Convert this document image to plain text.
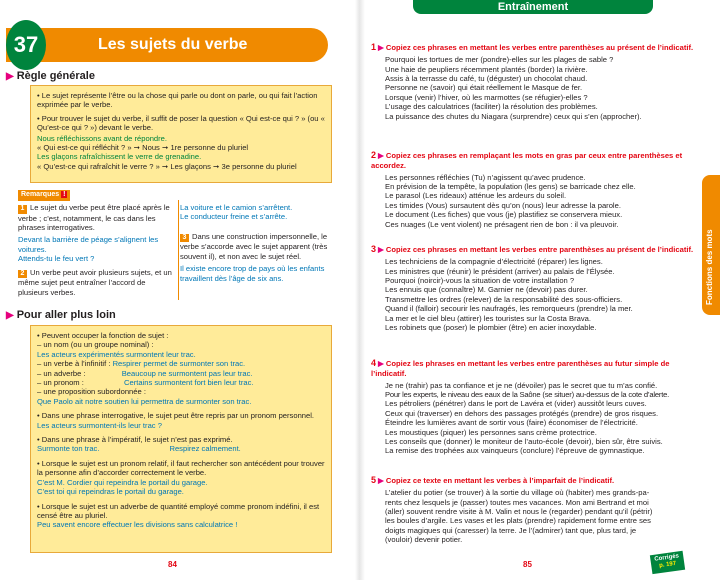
37	Les sujets du verbe
▶ Règle générale

• Le sujet représente l’être ou la chose qui parle ou dont on parle, ou qui fait l’action exprimée par le verbe.

• Pour trouver le sujet du verbe, il suffit de poser la question « Qui est-ce qui ? » (ou « Qu’est-ce qui ? ») devant le verbe.

Nous réfléchissons avant de répondre.
« Qui est-ce qui réfléchit ? » ➞ Nous ➞ 1re personne du pluriel
Les glaçons rafraîchissent le verre de grenadine.
« Qu’est-ce qui rafraîchit le verre ? » ➞ Les glaçons ➞ 3e personne du pluriel
Remarques !

1 Le sujet du verbe peut être placé après le verbe ; c’est, notamment, le cas dans les phrases interrogatives.

Devant la barrière de péage s’alignent les voitures.
Attends-tu le feu vert ?

2 Un verbe peut avoir plusieurs sujets, et un même sujet peut entraîner l’accord de plusieurs verbes.

La voiture et le camion s’arrêtent.
Le conducteur freine et s’arrête.

3 Dans une construction impersonnelle, le verbe s’accorde avec le sujet apparent (très souvent il), et non avec le sujet réel.

Il existe encore trop de pays où les enfants travaillent dès l’âge de six ans.
▶ Pour aller plus loin
• Peuvent occuper la fonction de sujet :
– un nom (ou un groupe nominal) :
Les acteurs expérimentés surmontent leur trac.
– un verbe à l’infinitif : Respirer permet de surmonter son trac.
– un adverbe :	Beaucoup ne surmontent pas leur trac.
– un pronom :	Certains surmontent fort bien leur trac.
– une proposition subordonnée :
Que Paolo ait notre soutien lui permettra de surmonter son trac.
• Dans une phrase interrogative, le sujet peut être repris par un pronom personnel.
Les acteurs surmontent-ils leur trac ?
• Dans une phrase à l’impératif, le sujet n’est pas exprimé.
Surmonte ton trac.	Respirez calmement.
• Lorsque le sujet est un pronom relatif, il faut rechercher son antécédent pour trouver la personne afin d’accorder correctement le verbe.
C’est M. Cordier qui repeindra le portail du garage.
C’est toi qui repeindras le portail du garage.
• Lorsque le sujet est un adverbe de quantité employé comme pronom indéfini, il est censé être au pluriel.
Peu savent encore effectuer les divisions sans calculatrice !
84
Entraînement
1 ▶ Copiez ces phrases en mettant les verbes entre parenthèses au présent de l’indicatif.

Pourquoi les tortues de mer (pondre)-elles sur les plages de sable ?

Une haie de peupliers récemment plantés (border) la rivière.

Assis à la terrasse du café, tu (déguster) un chocolat chaud.

Personne ne (savoir) qui était réellement le Masque de fer.

Lorsque (venir) l’hiver, où les marmottes (se réfugier)-elles ?

L’usage des calculatrices (faciliter) la résolution des problèmes.

La puissance des chutes du Niagara (surprendre) ceux qui s’en (approcher).

2 ▶ Copiez ces phrases en remplaçant les mots en gras par ceux entre parenthèses et accordez.

Les personnes réfléchies (Tu) n’agissent qu’avec prudence.

En prévision de la tempête, la population (les gens) se barricade chez elle.

Le parasol (Les rideaux) atténue les ardeurs du soleil.

Les timides (Vous) sursautent dès qu’on (nous) leur adresse la parole.

Le document (Les fiches) que vous (je) plastifiez se conservera mieux.

Ces nuages (Le vent violent) ne présagent rien de bon : il va pleuvoir.

3 ▶ Copiez ces phrases en mettant les verbes entre parenthèses au présent de l’indicatif.

Les techniciens de la compagnie d’électricité (réparer) les lignes.

Les ministres que (réunir) le président (arriver) au palais de l’Élysée.

Pourquoi (noircir)-vous la situation de votre installation ?

Les ennuis que (connaître) M. Garnier ne (devoir) pas durer.

Transmettre les ordres (relever) de la responsabilité des sous-officiers.

Quand il (falloir) secourir les naufragés, les remorqueurs (prendre) la mer.

La mer et le ciel bleu (attirer) les touristes sur la Costa Brava.

Les robinets que (poser) le plombier (être) en acier inoxydable.

4 ▶ Copiez les phrases en mettant les verbes entre parenthèses au futur simple de l’indicatif.

Je ne (trahir) pas ta confiance et je ne (dévoiler) pas le secret que tu m’as confié.

Pour les experts, le niveau des eaux de la Saône (se situer) au-dessus de la cote d’alerte.

Les pétroliers (pénétrer) dans le port de Lavéra et (vider) aussitôt leurs cuves.

Ceux qui (traverser) en dehors des passages protégés (prendre) de gros risques.

Éteindre les lumières avant de sortir vous (faire) économiser de l’électricité.

Les moustiques (piquer) les personnes sans crème protectrice.

Les conseils que (donner) le moniteur de l’auto-école (devoir), bien sûr, être suivis.

La remise des trophées aux vainqueurs (conclure) l’épreuve de gymnastique.

5 ▶ Copiez ce texte en mettant les verbes à l’imparfait de l’indicatif.

L’atelier du potier (se trouver) à la sortie du village où (habiter) mes grands-pa-

rents chez lesquels je (passer) toutes mes vacances. Mon ami Bertrand et moi

(aller) souvent rendre visite à M. Valin et nous le (regarder) pendant qu’il (pétrir)

les boules d’argile. Les vases et les plats (prendre) rapidement forme entre ses

doigts magiques qui (caresser) la terre. Je l’(admirer) tant que, plus tard, je

(vouloir) devenir potier.

Fonctions des mots
Corrigés
p. 197
85
